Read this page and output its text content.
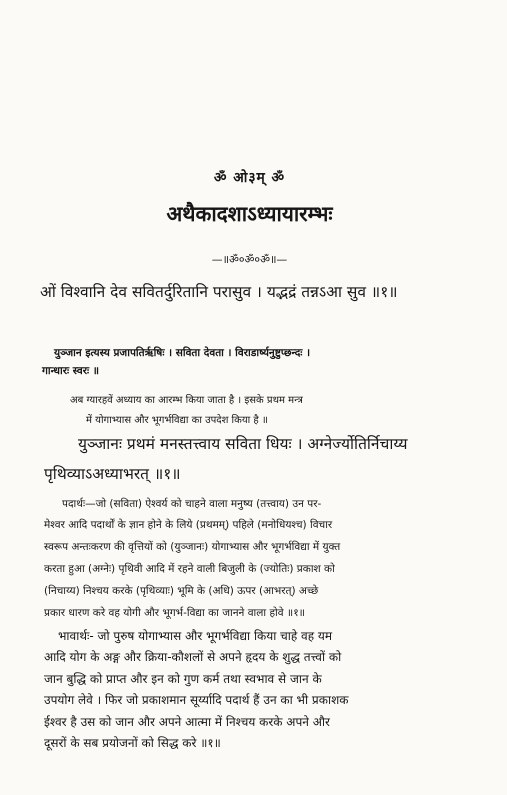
ॐ ओ३म् ॐ
अथैकादशाऽध्यायारम्भः
—॥ॐ०ॐ०ॐ॥—
ओं विश्वानि देव सवितर्दुरितानि परासुव । यद्भद्रं तन्नऽआ सुव ॥१॥
युञ्जान इत्यस्य प्रजापतिर्ऋषिः । सविता देवता । विराडार्ष्यनुष्टुप्छन्दः ।
गान्धारः स्वरः ॥
अब ग्यारहवें अध्याय का आरम्भ किया जाता है । इसके प्रथम मन्त्र
में योगाभ्यास और भूगर्भविद्या का उपदेश किया है ॥
युञ्जानः प्रथमं मनस्तत्त्वाय सविता धियः । अग्नेर्ज्योतिर्निचाय्य
पृथिव्याऽअध्याभरत् ॥१॥
पदार्थः—जो (सविता) ऐश्वर्य को चाहने वाला मनुष्य (तत्त्वाय) उन पर-
मेश्वर आदि पदार्थों के ज्ञान होने के लिये (प्रथमम्) पहिले (मनोधियश्च) विचार
स्वरूप अन्तःकरण की वृत्तियों को (युञ्जानः) योगाभ्यास और भूगर्भविद्या में युक्त
करता हुआ (अग्नेः) पृथिवी आदि में रहने वाली बिजुली के (ज्योतिः) प्रकाश को
(निचाय्य) निश्चय करके (पृथिव्याः) भूमि के (अधि) ऊपर (आभरत्) अच्छे
प्रकार धारण करे वह योगी और भूगर्भ-विद्या का जानने वाला होवे ॥१॥
भावार्थः- जो पुरुष योगाभ्यास और भूगर्भविद्या किया चाहे वह यम
आदि योग के अङ्ग और क्रिया-कौशलों से अपने हृदय के शुद्ध तत्त्वों को
जान बुद्धि को प्राप्त और इन को गुण कर्म तथा स्वभाव से जान के
उपयोग लेवे । फिर जो प्रकाशमान सूर्य्यादि पदार्थ हैं उन का भी प्रकाशक
ईश्वर है उस को जान और अपने आत्मा में निश्चय करके अपने और
दूसरों के सब प्रयोजनों को सिद्ध करे ॥१॥
